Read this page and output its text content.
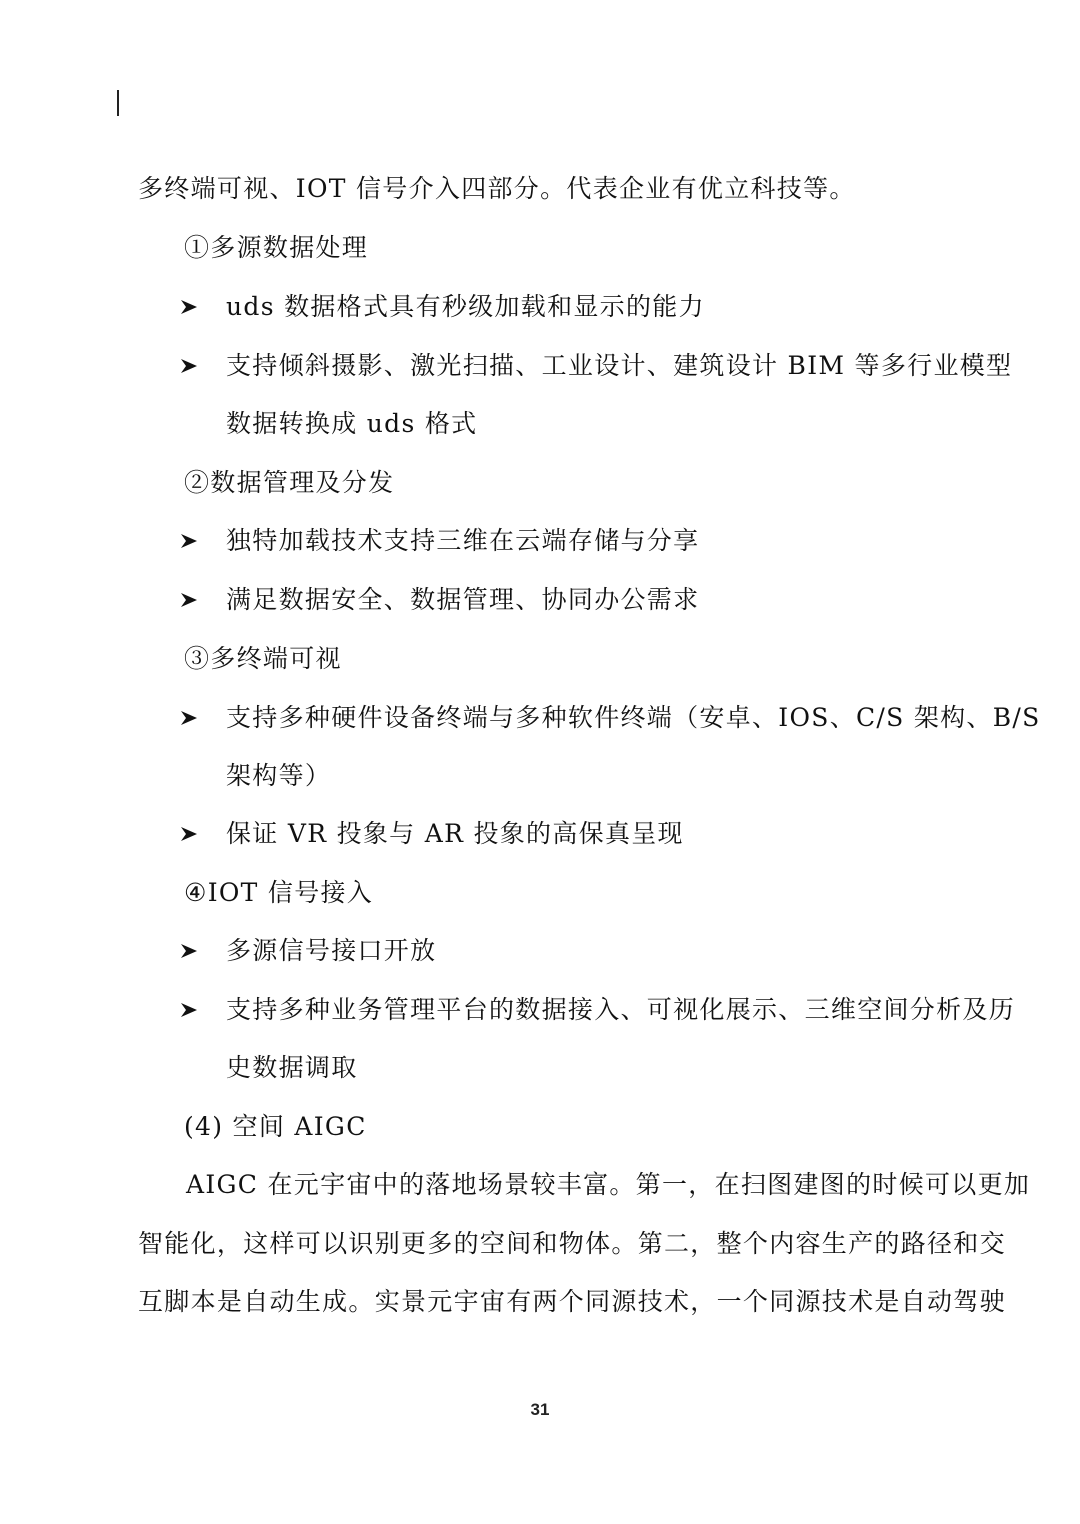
多终端可视、IOT 信号介入四部分。代表企业有优立科技等。
①多源数据处理
uds 数据格式具有秒级加载和显示的能力
支持倾斜摄影、激光扫描、工业设计、建筑设计 BIM 等多行业模型
数据转换成 uds 格式
②数据管理及分发
独特加载技术支持三维在云端存储与分享
满足数据安全、数据管理、协同办公需求
③多终端可视
支持多种硬件设备终端与多种软件终端（安卓、IOS、C/S 架构、B/S
架构等）
保证 VR 投象与 AR 投象的高保真呈现
④IOT 信号接入
多源信号接口开放
支持多种业务管理平台的数据接入、可视化展示、三维空间分析及历
史数据调取
(4) 空间 AIGC
AIGC 在元宇宙中的落地场景较丰富。第一，在扫图建图的时候可以更加
智能化，这样可以识别更多的空间和物体。第二，整个内容生产的路径和交
互脚本是自动生成。实景元宇宙有两个同源技术，一个同源技术是自动驾驶
31
